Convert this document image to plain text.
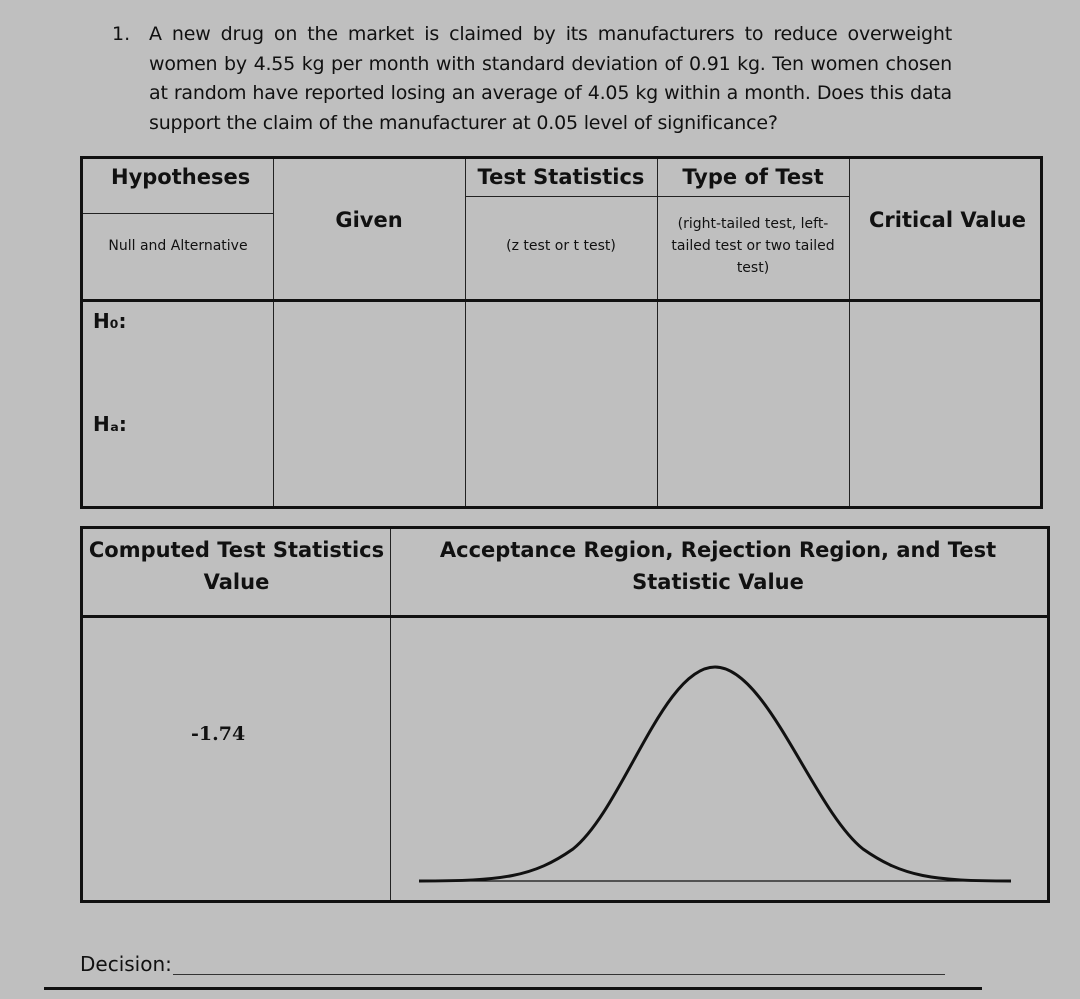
1. A new drug on the market is claimed by its manufacturers to reduce overweight women by 4.55 kg per month with standard deviation of 0.91 kg. Ten women chosen at random have reported losing an average of 4.05 kg within a month. Does this data support the claim of the manufacturer at 0.05 level of significance?
Hypotheses
Null and Alternative
Given
Test Statistics
(z test or t test)
Type of Test
(right-tailed test, left-tailed test or two tailed test)
Critical Value
H₀:
Hₐ:
Computed Test Statistics Value
Acceptance Region, Rejection Region, and Test Statistic Value
-1.74
Decision:
